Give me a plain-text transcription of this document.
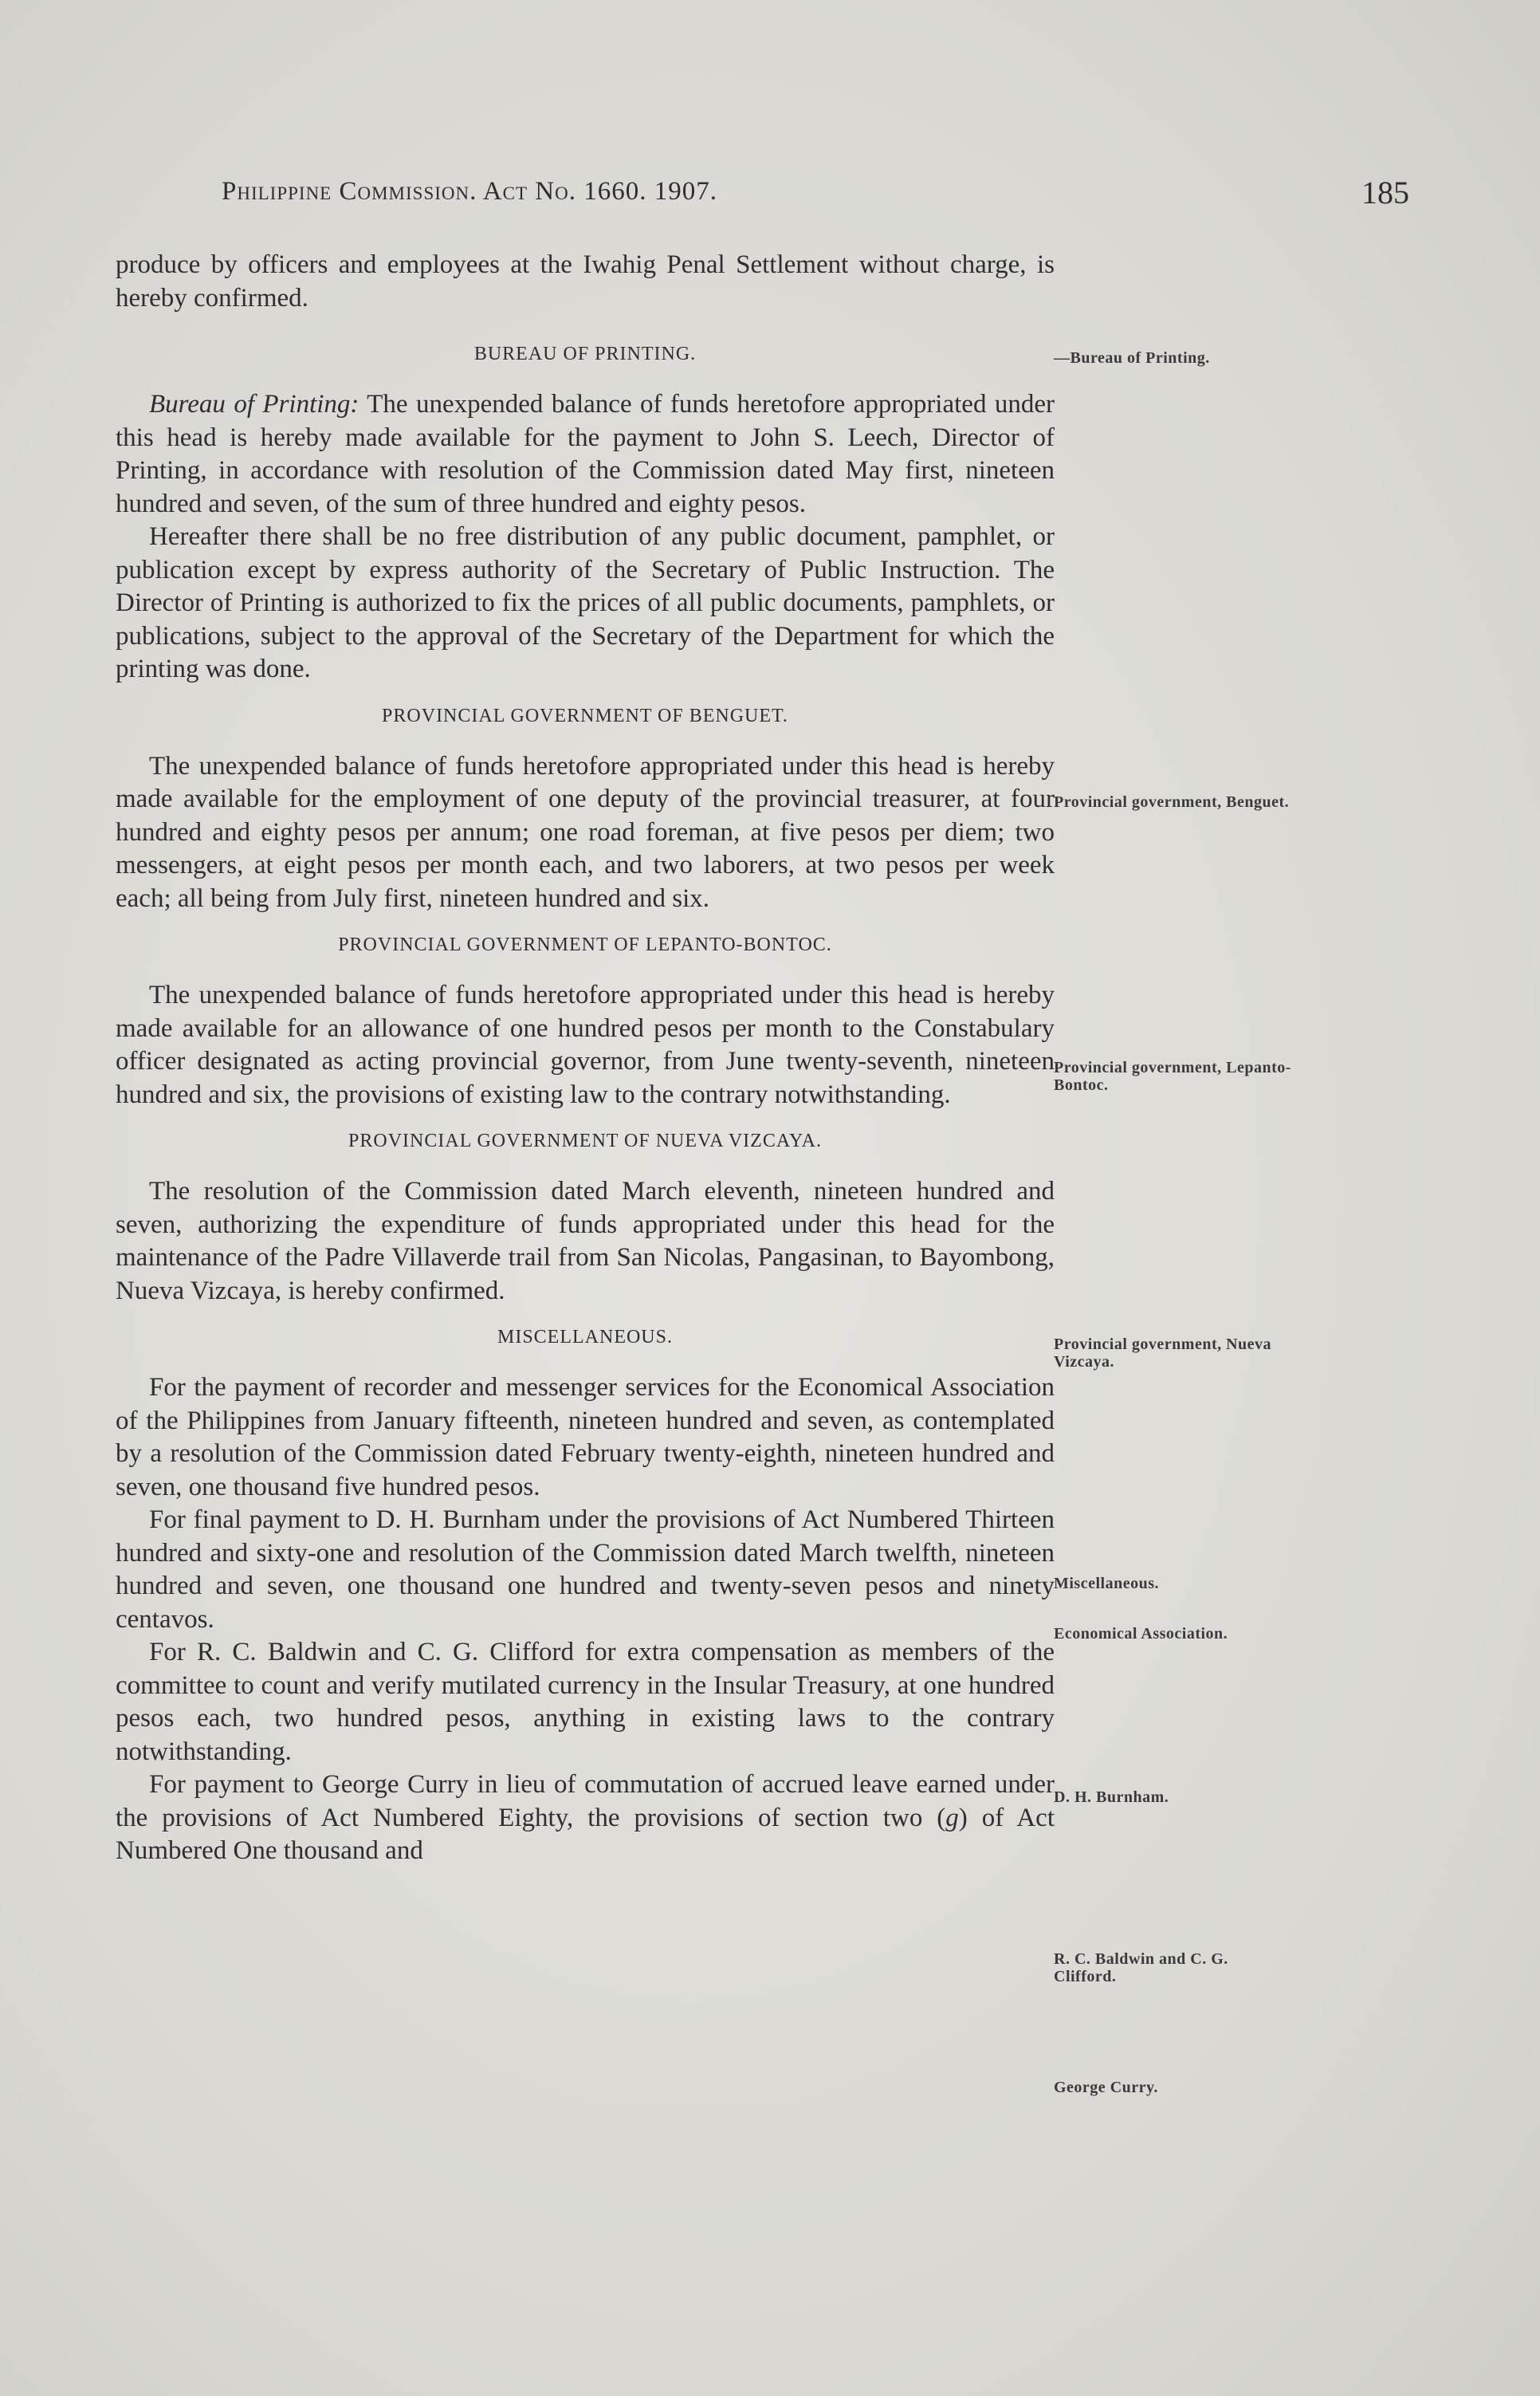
Philippine Commission. Act No. 1660. 1907.	185

produce by officers and employees at the Iwahig Penal Settlement without charge, is hereby confirmed.

BUREAU OF PRINTING.

Bureau of Printing: The unexpended balance of funds heretofore appropriated under this head is hereby made available for the payment to John S. Leech, Director of Printing, in accordance with resolution of the Commission dated May first, nineteen hundred and seven, of the sum of three hundred and eighty pesos.

Hereafter there shall be no free distribution of any public document, pamphlet, or publication except by express authority of the Secretary of Public Instruction. The Director of Printing is authorized to fix the prices of all public documents, pamphlets, or publications, subject to the approval of the Secretary of the Department for which the printing was done.

PROVINCIAL GOVERNMENT OF BENGUET.

The unexpended balance of funds heretofore appropriated under this head is hereby made available for the employment of one deputy of the provincial treasurer, at four hundred and eighty pesos per annum; one road foreman, at five pesos per diem; two messengers, at eight pesos per month each, and two laborers, at two pesos per week each; all being from July first, nineteen hundred and six.

PROVINCIAL GOVERNMENT OF LEPANTO-BONTOC.

The unexpended balance of funds heretofore appropriated under this head is hereby made available for an allowance of one hundred pesos per month to the Constabulary officer designated as acting provincial governor, from June twenty-seventh, nineteen hundred and six, the provisions of existing law to the contrary notwithstanding.

PROVINCIAL GOVERNMENT OF NUEVA VIZCAYA.

The resolution of the Commission dated March eleventh, nineteen hundred and seven, authorizing the expenditure of funds appropriated under this head for the maintenance of the Padre Villaverde trail from San Nicolas, Pangasinan, to Bayombong, Nueva Vizcaya, is hereby confirmed.

MISCELLANEOUS.

For the payment of recorder and messenger services for the Economical Association of the Philippines from January fifteenth, nineteen hundred and seven, as contemplated by a resolution of the Commission dated February twenty-eighth, nineteen hundred and seven, one thousand five hundred pesos.

For final payment to D. H. Burnham under the provisions of Act Numbered Thirteen hundred and sixty-one and resolution of the Commission dated March twelfth, nineteen hundred and seven, one thousand one hundred and twenty-seven pesos and ninety centavos.

For R. C. Baldwin and C. G. Clifford for extra compensation as members of the committee to count and verify mutilated currency in the Insular Treasury, at one hundred pesos each, two hundred pesos, anything in existing laws to the contrary notwithstanding.

For payment to George Curry in lieu of commutation of accrued leave earned under the provisions of Act Numbered Eighty, the provisions of section two (g) of Act Numbered One thousand and

—Bureau of Printing.
Provincial government, Benguet.
Provincial government, Lepanto-Bontoc.
Provincial government, Nueva Vizcaya.
Miscellaneous.
Economical Association.
D. H. Burnham.
R. C. Baldwin and C. G. Clifford.
George Curry.
